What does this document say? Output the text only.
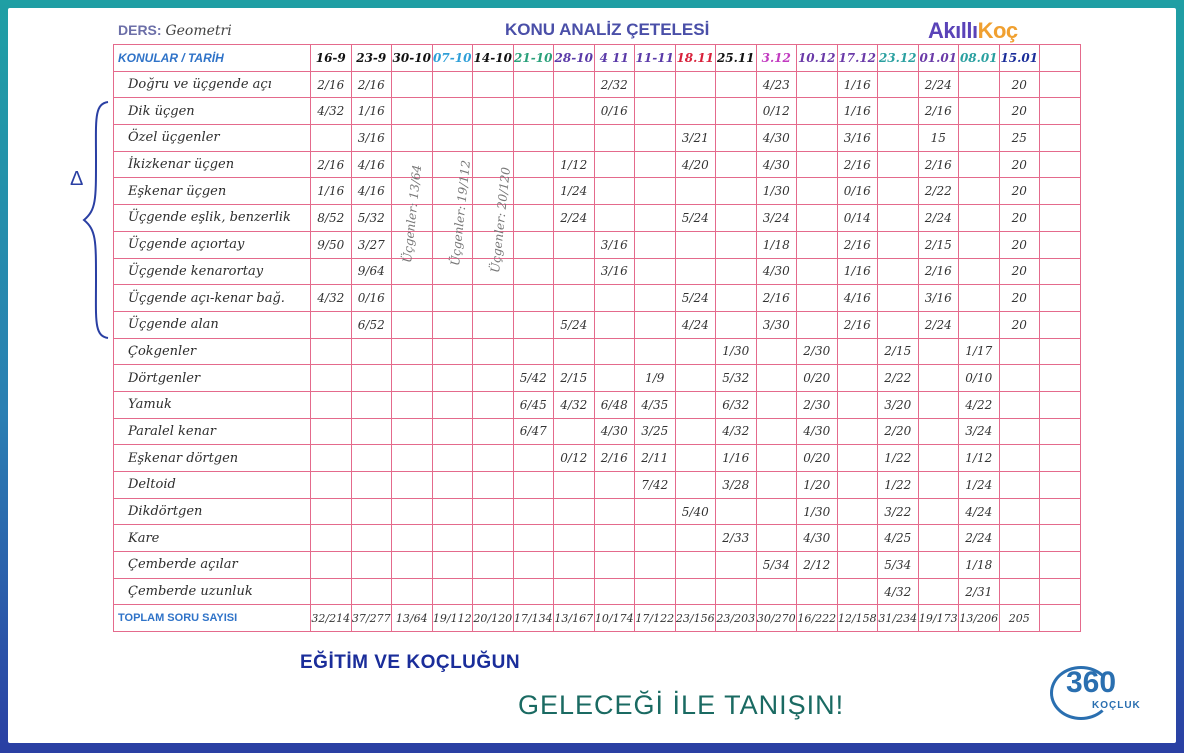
DERS: Geometri	KONU ANALİZ ÇETELESİ	AkıllıKoç
KONULAR / TARİH	16-9	23-9	30-10	07-10	14-10	21-10	28-10	4 11	11-11	18.11	25.11	3.12	10.12	17.12	23.12	01.01	08.01	15.01	
Doğru ve üçgende açı	2/16	2/16						2/32				4/23		1/16		2/24		20	
Dik üçgen	4/32	1/16						0/16				0/12		1/16		2/16		20	
Özel üçgenler		3/16								3/21		4/30		3/16		15		25	
İkizkenar üçgen	2/16	4/16					1/12			4/20		4/30		2/16		2/16		20	
Eşkenar üçgen	1/16	4/16					1/24					1/30		0/16		2/22		20	
Üçgende eşlik, benzerlik	8/52	5/32					2/24			5/24		3/24		0/14		2/24		20	
Üçgende açıortay	9/50	3/27						3/16				1/18		2/16		2/15		20	
Üçgende kenarortay		9/64						3/16				4/30		1/16		2/16		20	
Üçgende açı-kenar bağ.	4/32	0/16								5/24		2/16		4/16		3/16		20	
Üçgende alan		6/52					5/24			4/24		3/30		2/16		2/24		20	
Çokgenler											1/30		2/30		2/15		1/17		
Dörtgenler						5/42	2/15		1/9		5/32		0/20		2/22		0/10		
Yamuk						6/45	4/32	6/48	4/35		6/32		2/30		3/20		4/22		
Paralel kenar						6/47		4/30	3/25		4/32		4/30		2/20		3/24		
Eşkenar dörtgen							0/12	2/16	2/11		1/16		0/20		1/22		1/12		
Deltoid									7/42		3/28		1/20		1/22		1/24		
Dikdörtgen										5/40			1/30		3/22		4/24		
Kare											2/33		4/30		4/25		2/24		
Çemberde açılar												5/34	2/12		5/34		1/18		
Çemberde uzunluk															4/32		2/31		
TOPLAM SORU SAYISI	32/214	37/277	13/64	19/112	20/120	17/134	13/167	10/174	17/122	23/156	23/203	30/270	16/222	12/158	31/234	19/173	13/206	205	
Üçgenler: 13/64 Üçgenler: 19/112 Üçgenler: 20/120
Δ
EĞİTİM VE KOÇLUĞUN
GELECEĞİ İLE TANIŞIN!
360
KOÇLUK
